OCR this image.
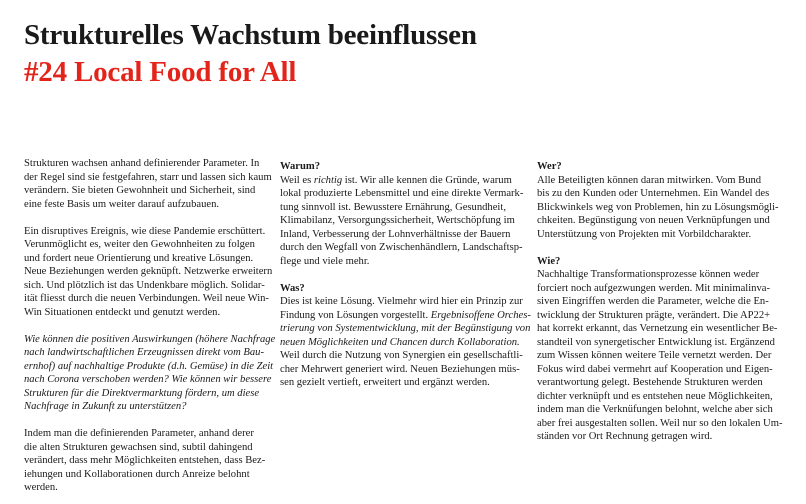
Strukturelles Wachstum beeinflussen
#24 Local Food for All

Strukturen wachsen anhand definierender Parameter. In
der Regel sind sie festgefahren, starr und lassen sich kaum
verändern. Sie bieten Gewohnheit und Sicherheit, sind
eine feste Basis um weiter darauf aufzubauen.

Ein disruptives Ereignis, wie diese Pandemie erschüttert.
Verunmöglicht es, weiter den Gewohnheiten zu folgen
und fordert neue Orientierung und kreative Lösungen.
Neue Beziehungen werden geknüpft. Netzwerke erweitern
sich. Und plötzlich ist das Undenkbare möglich. Solidar-
ität fliesst durch die neuen Verbindungen. Weil neue Win-
Win Situationen entdeckt und genutzt werden.

Wie können die positiven Auswirkungen (höhere Nachfrage
nach landwirtschaftlichen Erzeugnissen direkt vom Bau-
ernhof) auf nachhaltige Produkte (d.h. Gemüse) in die Zeit
nach Corona verschoben werden? Wie können wir bessere
Strukturen für die Direktvermarktung fördern, um diese
Nachfrage in Zukunft zu unterstützen?

Indem man die definierenden Parameter, anhand derer
die alten Strukturen gewachsen sind, subtil dahingend
verändert, dass mehr Möglichkeiten entstehen, dass Bez-
iehungen und Kollaborationen durch Anreize belohnt
werden.

Warum?
Weil es richtig ist. Wir alle kennen die Gründe, warum
lokal produzierte Lebensmittel und eine direkte Vermark-
tung sinnvoll ist. Bewusstere Ernährung, Gesundheit,
Klimabilanz, Versorgungssicherheit, Wertschöpfung im
Inland, Verbesserung der Lohnverhältnisse der Bauern
durch den Wegfall von Zwischenhändlern, Landschaftsp-
flege und viele mehr.

Was?
Dies ist keine Lösung. Vielmehr wird hier ein Prinzip zur
Findung von Lösungen vorgestellt. Ergebnisoffene Orches-
trierung von Systementwicklung, mit der Begünstigung von
neuen Möglichkeiten und Chancen durch Kollaboration.
Weil durch die Nutzung von Synergien ein gesellschaftli-
cher Mehrwert generiert wird. Neuen Beziehungen müs-
sen gezielt vertieft, erweitert und ergänzt werden.

Wer?
Alle Beteiligten können daran mitwirken. Vom Bund
bis zu den Kunden oder Unternehmen. Ein Wandel des
Blickwinkels weg von Problemen, hin zu Lösungsmögli-
chkeiten. Begünstigung von neuen Verknüpfungen und
Unterstützung von Projekten mit Vorbildcharakter.

Wie?
Nachhaltige Transformationsprozesse können weder
forciert noch aufgezwungen werden. Mit minimalinva-
siven Eingriffen werden die Parameter, welche die En-
twicklung der Strukturen prägte, verändert. Die AP22+
hat korrekt erkannt, das Vernetzung ein wesentlicher Be-
standteil von synergetischer Entwicklung ist. Ergänzend
zum Wissen können weitere Teile vernetzt werden. Der
Fokus wird dabei vermehrt auf Kooperation und Eigen-
verantwortung gelegt. Bestehende Strukturen werden
dichter verknüpft und es entstehen neue Möglichkeiten,
indem man die Verknüfungen belohnt, welche aber sich
aber frei ausgestalten sollen. Weil nur so den lokalen Um-
ständen vor Ort Rechnung getragen wird.
